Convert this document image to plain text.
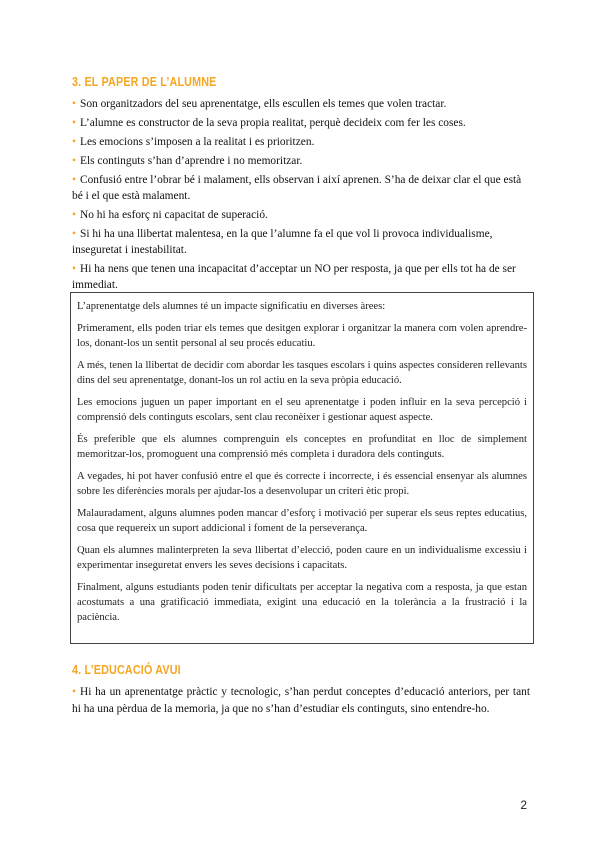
3. EL PAPER DE L’ALUMNE
• Son organitzadors del seu aprenentatge, ells escullen els temes que volen tractar.
• L’alumne es constructor de la seva propia realitat, perquè decideix com fer les coses.
• Les emocions s’imposen a la realitat i es prioritzen.
• Els continguts s’han d’aprendre i no memoritzar.
• Confusió entre l’obrar bé i malament, ells observan i així aprenen. S’ha de deixar clar el que està bé i el que està malament.
• No hi ha esforç ni capacitat de superació.
• Si hi ha una llibertat malentesa, en la que l’alumne fa el que vol li provoca individualisme, inseguretat i inestabilitat.
• Hi ha nens que tenen una incapacitat d’acceptar un NO per resposta, ja que per ells tot ha de ser immediat.

L’aprenentatge dels alumnes té un impacte significatiu en diverses àrees:

Primerament, ells poden triar els temes que desitgen explorar i organitzar la manera com volen aprendre-los, donant-los un sentit personal al seu procés educatiu.

A més, tenen la llibertat de decidir com abordar les tasques escolars i quins aspectes consideren rellevants dins del seu aprenentatge, donant-los un rol actiu en la seva pròpia educació.

Les emocions juguen un paper important en el seu aprenentatge i poden influir en la seva percepció i comprensió dels continguts escolars, sent clau reconèixer i gestionar aquest aspecte.

És preferible que els alumnes comprenguin els conceptes en profunditat en lloc de simplement memoritzar-los, promoguent una comprensió més completa i duradora dels continguts.

A vegades, hi pot haver confusió entre el que és correcte i incorrecte, i és essencial ensenyar als alumnes sobre les diferències morals per ajudar-los a desenvolupar un criteri ètic propi.

Malauradament, alguns alumnes poden mancar d’esforç i motivació per superar els seus reptes educatius, cosa que requereix un suport addicional i foment de la perseverança.

Quan els alumnes malinterpreten la seva llibertat d’elecció, poden caure en un individualisme excessiu i experimentar inseguretat envers les seves decisions i capacitats.

Finalment, alguns estudiants poden tenir dificultats per acceptar la negativa com a resposta, ja que estan acostumats a una gratificació immediata, exigint una educació en la tolerància a la frustració i la paciència.

4. L’EDUCACIÓ AVUI
• Hi ha un aprenentatge pràctic y tecnologic, s’han perdut conceptes d’educació anteriors, per tant hi ha una pèrdua de la memoria, ja que no s’han d’estudiar els continguts, sino entendre-ho.
2
